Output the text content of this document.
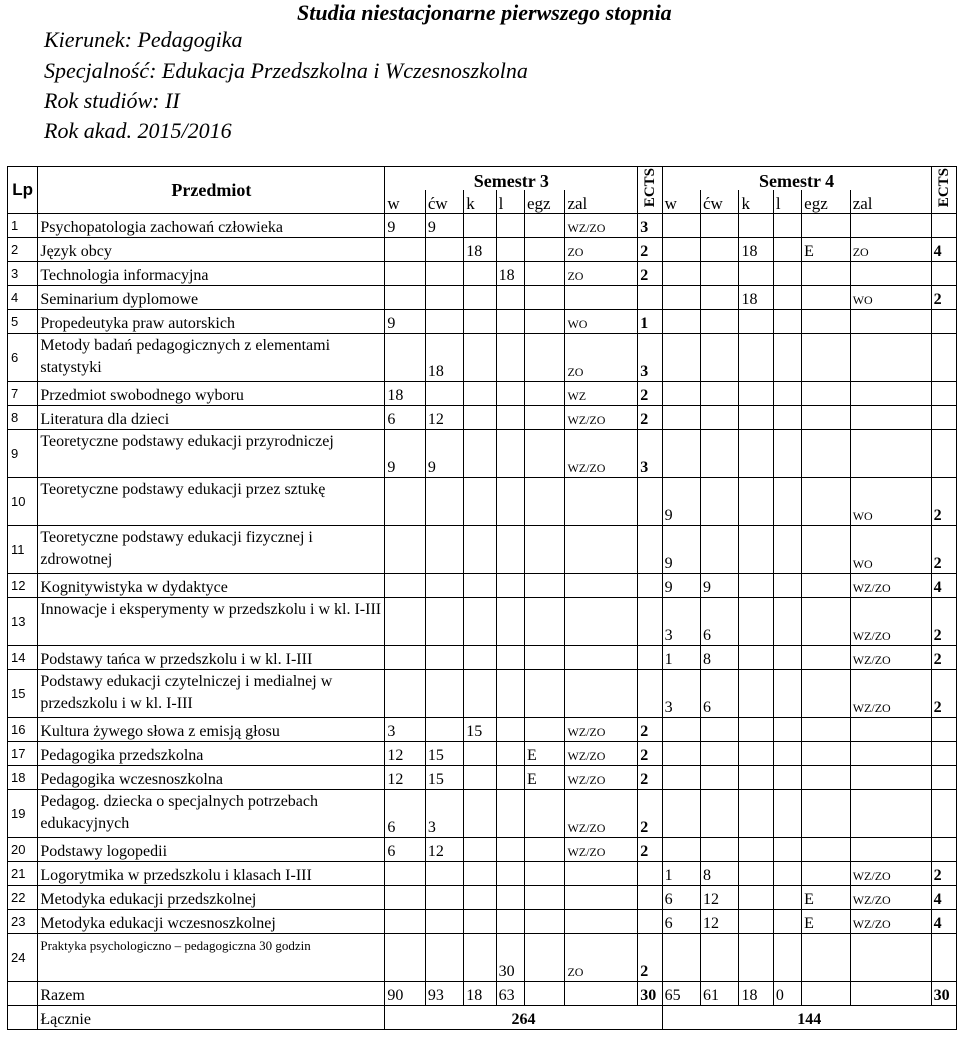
Studia niestacjonarne pierwszego stopnia
Kierunek: Pedagogika
Specjalność: Edukacja Przedszkolna i Wczesnoszkolna
Rok studiów: II
Rok akad. 2015/2016
Lp	Przedmiot	Semestr 3						ECTS	Semestr 4						ECTS
		w	ćw	k	l	egz	zal		w	ćw	k	l	egz	zal	
1	Psychopatologia zachowań człowieka	9	9				WZ/ZO	3							
2	Język obcy			18			ZO	2			18		E	ZO	4
3	Technologia informacyjna				18		ZO	2							
4	Seminarium dyplomowe										18			WO	2
5	Propedeutyka praw autorskich	9					WO	1							
6	Metody badań pedagogicznych z elementami statystyki		18				ZO	3							
7	Przedmiot swobodnego wyboru	18					WZ	2							
8	Literatura dla dzieci	6	12				WZ/ZO	2							
9	Teoretyczne podstawy edukacji przyrodniczej	9	9				WZ/ZO	3							
10	Teoretyczne podstawy edukacji przez sztukę								9					WO	2
11	Teoretyczne podstawy edukacji fizycznej i zdrowotnej								9					WO	2
12	Kognitywistyka w dydaktyce								9	9				WZ/ZO	4
13	Innowacje i eksperymenty w przedszkolu i w kl. I-III								3	6				WZ/ZO	2
14	Podstawy tańca w przedszkolu i w kl. I-III								1	8				WZ/ZO	2
15	Podstawy edukacji czytelniczej i medialnej w przedszkolu i w kl. I-III								3	6				WZ/ZO	2
16	Kultura żywego słowa z emisją głosu	3		15			WZ/ZO	2							
17	Pedagogika przedszkolna	12	15			E	WZ/ZO	2							
18	Pedagogika wczesnoszkolna	12	15			E	WZ/ZO	2							
19	Pedagog. dziecka o specjalnych potrzebach edukacyjnych	6	3				WZ/ZO	2							
20	Podstawy logopedii	6	12				WZ/ZO	2							
21	Logorytmika w przedszkolu i klasach I-III								1	8				WZ/ZO	2
22	Metodyka edukacji przedszkolnej								6	12			E	WZ/ZO	4
23	Metodyka edukacji wczesnoszkolnej								6	12			E	WZ/ZO	4
24	Praktyka psychologiczno – pedagogiczna 30 godzin				30		ZO	2							
	Razem	90	93	18	63			30	65	61	18	0			30
	Łącznie	264							144						
